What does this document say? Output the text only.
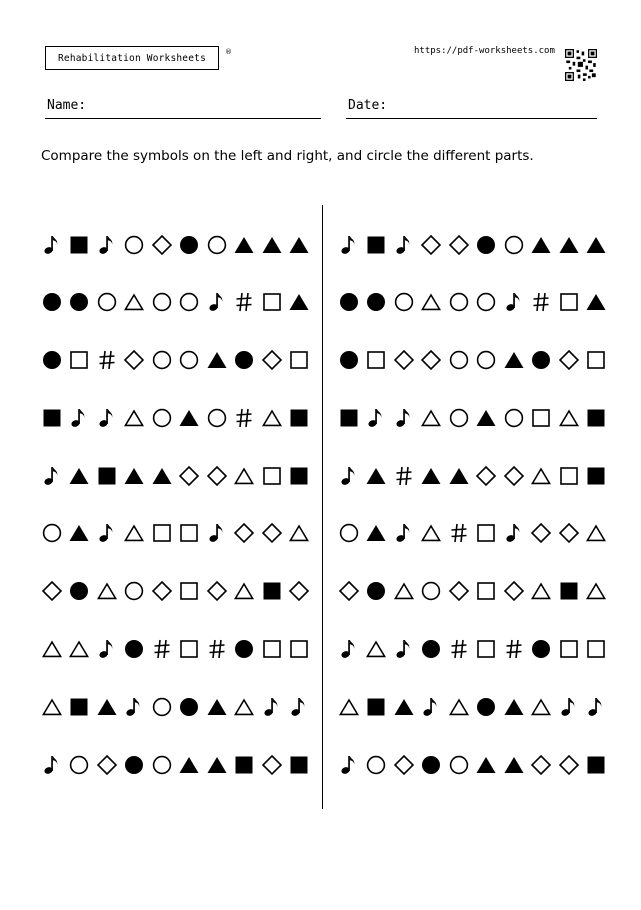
Rehabilitation Worksheets
®	https://pdf-worksheets.com
Name:	Date:
Compare the symbols on the left and right, and circle the different parts.
